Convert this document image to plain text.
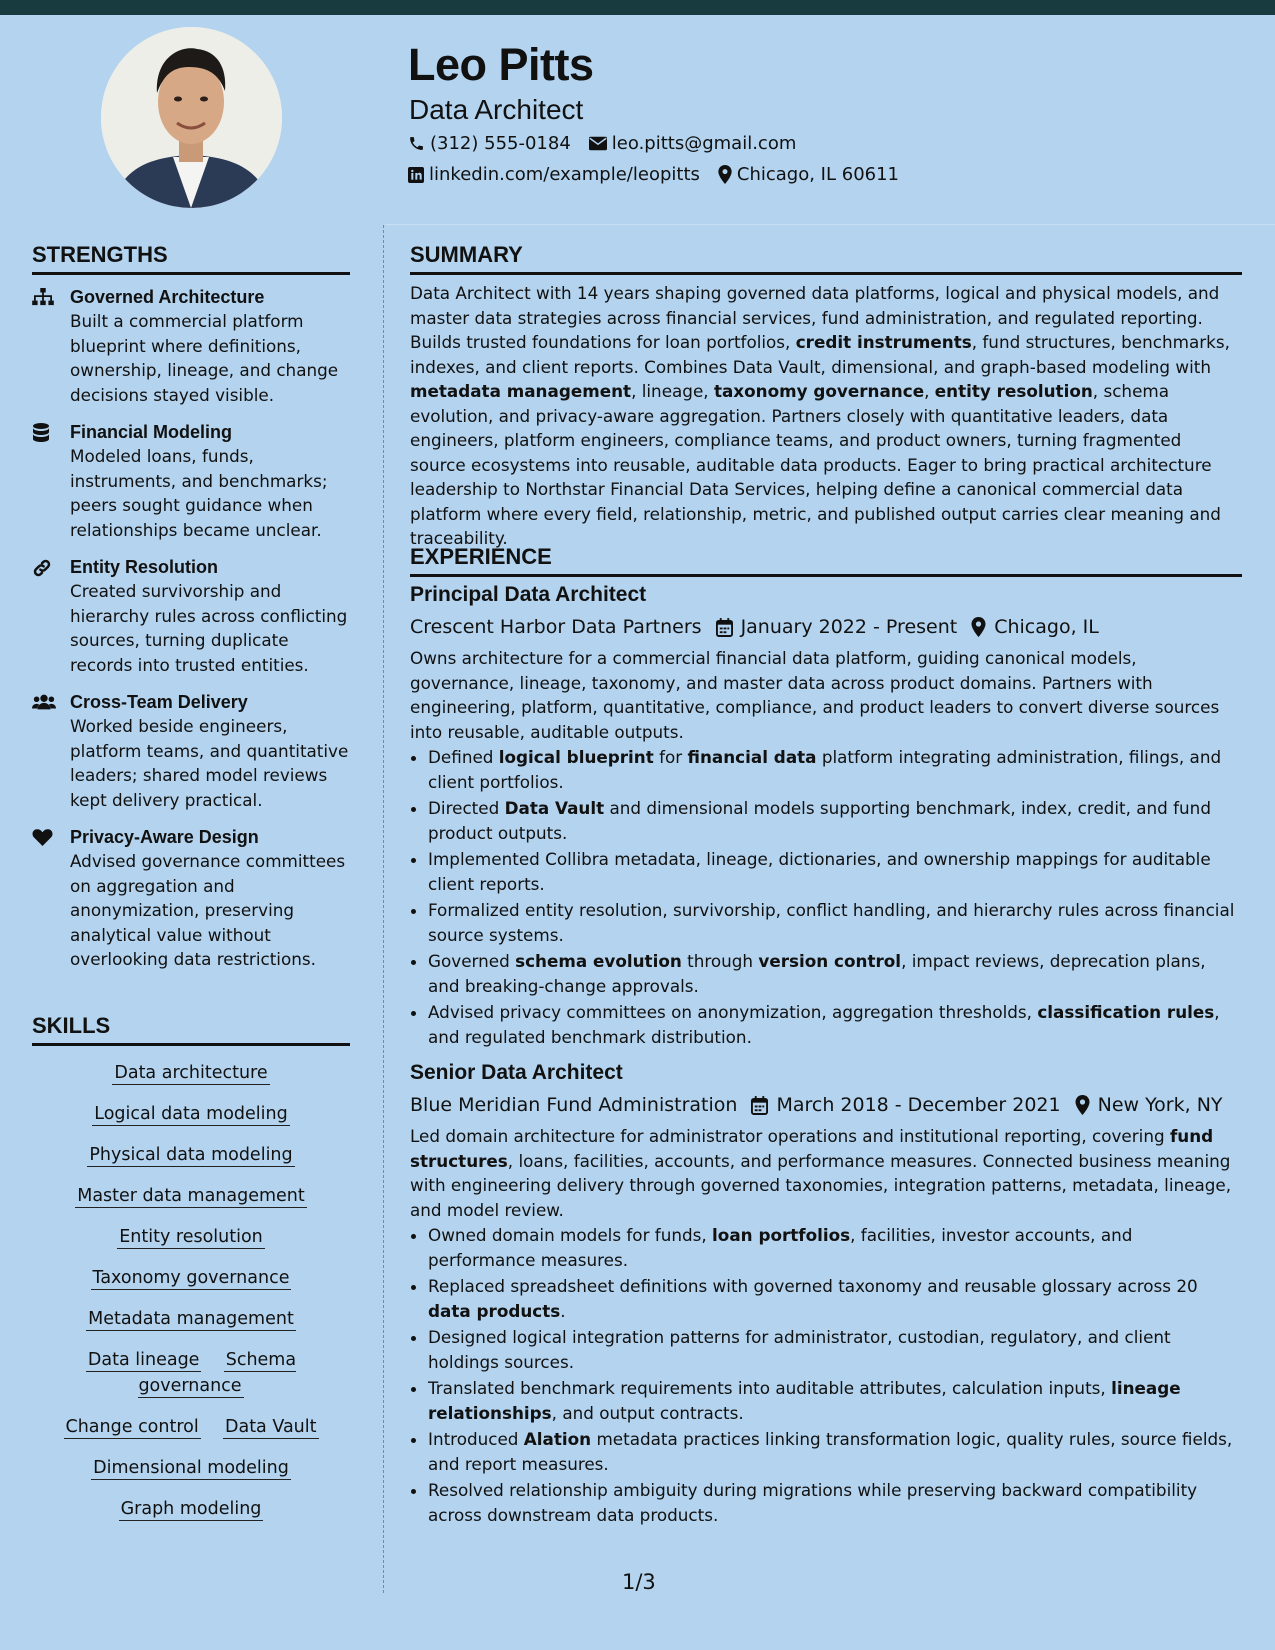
Leo Pitts
Data Architect
(312) 555-0184 leo.pitts@gmail.com
linkedin.com/example/leopitts Chicago, IL 60611
STRENGTHS
Governed Architecture

Built a commercial platform blueprint where definitions, ownership, lineage, and change decisions stayed visible.

Financial Modeling

Modeled loans, funds, instruments, and benchmarks; peers sought guidance when relationships became unclear.

Entity Resolution

Created survivorship and hierarchy rules across conflicting sources, turning duplicate records into trusted entities.

Cross-Team Delivery

Worked beside engineers, platform teams, and quantitative leaders; shared model reviews kept delivery practical.

Privacy-Aware Design

Advised governance committees on aggregation and anonymization, preserving analytical value without overlooking data restrictions.

SKILLS
Data architecture
Logical data modeling
Physical data modeling
Master data management
Entity resolution
Taxonomy governance
Metadata management
Data lineage Schema governance
Change control Data Vault
Dimensional modeling
Graph modeling
SUMMARY

Data Architect with 14 years shaping governed data platforms, logical and physical models, and master data strategies across financial services, fund administration, and regulated reporting. Builds trusted foundations for loan portfolios, credit instruments, fund structures, benchmarks, indexes, and client reports. Combines Data Vault, dimensional, and graph-based modeling with metadata management, lineage, taxonomy governance, entity resolution, schema evolution, and privacy-aware aggregation. Partners closely with quantitative leaders, data engineers, platform engineers, compliance teams, and product owners, turning fragmented source ecosystems into reusable, auditable data products. Eager to bring practical architecture leadership to Northstar Financial Data Services, helping define a canonical commercial data platform where every field, relationship, metric, and published output carries clear meaning and traceability.

EXPERIENCE
Principal Data Architect
Crescent Harbor Data Partners January 2022 - Present Chicago, IL

Owns architecture for a commercial financial data platform, guiding canonical models, governance, lineage, taxonomy, and master data across product domains. Partners with engineering, platform, quantitative, compliance, and product leaders to convert diverse sources into reusable, auditable outputs.

• Defined logical blueprint for financial data platform integrating administration, filings, and client portfolios.
• Directed Data Vault and dimensional models supporting benchmark, index, credit, and fund product outputs.
• Implemented Collibra metadata, lineage, dictionaries, and ownership mappings for auditable client reports.
• Formalized entity resolution, survivorship, conflict handling, and hierarchy rules across financial source systems.
• Governed schema evolution through version control, impact reviews, deprecation plans, and breaking-change approvals.
• Advised privacy committees on anonymization, aggregation thresholds, classification rules, and regulated benchmark distribution.
Senior Data Architect
Blue Meridian Fund Administration March 2018 - December 2021 New York, NY

Led domain architecture for administrator operations and institutional reporting, covering fund structures, loans, facilities, accounts, and performance measures. Connected business meaning with engineering delivery through governed taxonomies, integration patterns, metadata, lineage, and model review.

• Owned domain models for funds, loan portfolios, facilities, investor accounts, and performance measures.
• Replaced spreadsheet definitions with governed taxonomy and reusable glossary across 20 data products.
• Designed logical integration patterns for administrator, custodian, regulatory, and client holdings sources.
• Translated benchmark requirements into auditable attributes, calculation inputs, lineage relationships, and output contracts.
• Introduced Alation metadata practices linking transformation logic, quality rules, source fields, and report measures.
• Resolved relationship ambiguity during migrations while preserving backward compatibility across downstream data products.
1/3
